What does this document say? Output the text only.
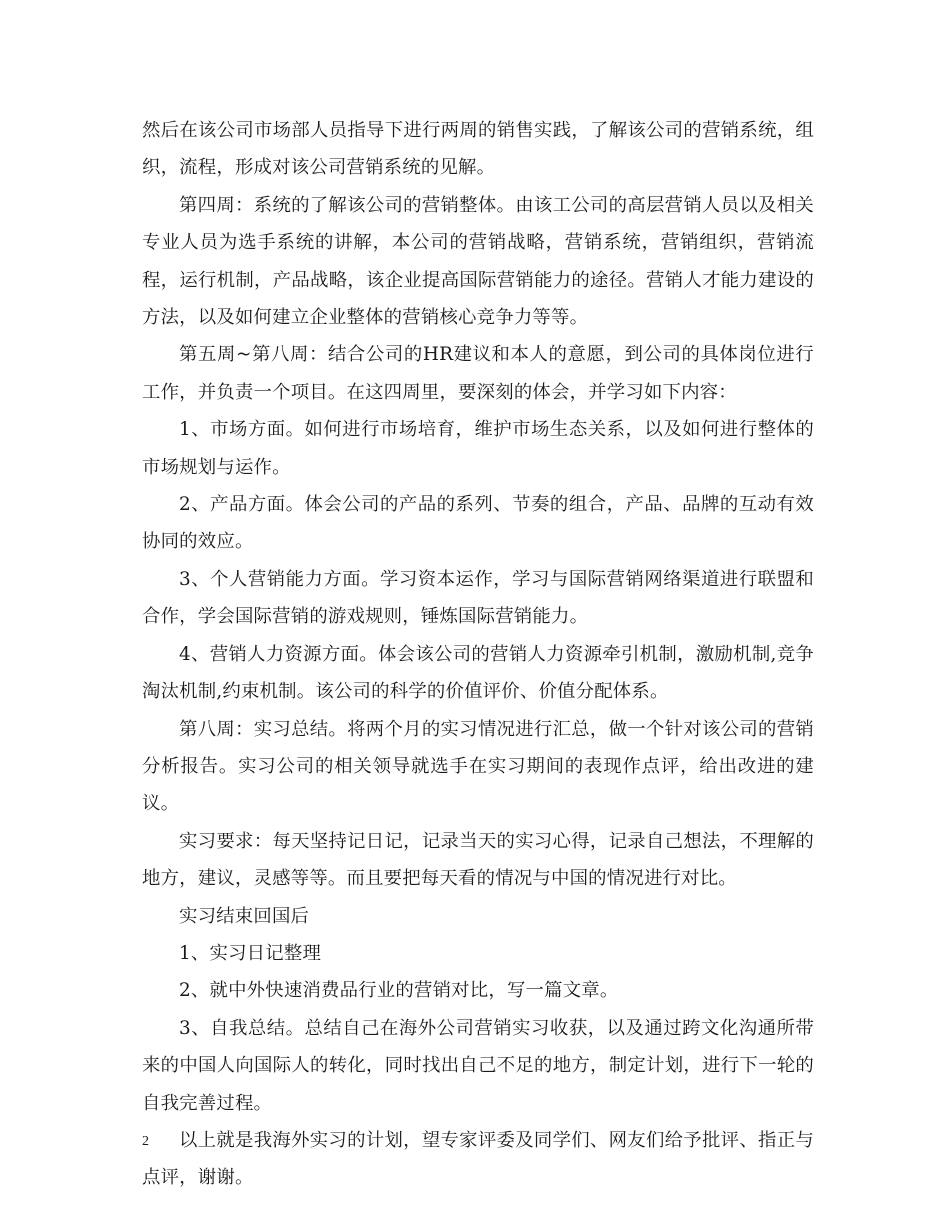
然后在该公司市场部人员指导下进行两周的销售实践，了解该公司的营销系统，组织，流程，形成对该公司营销系统的见解。

第四周：系统的了解该公司的营销整体。由该工公司的高层营销人员以及相关专业人员为选手系统的讲解，本公司的营销战略，营销系统，营销组织，营销流程，运行机制，产品战略，该企业提高国际营销能力的途径。营销人才能力建设的方法，以及如何建立企业整体的营销核心竞争力等等。

第五周~第八周：结合公司的HR建议和本人的意愿，到公司的具体岗位进行工作，并负责一个项目。在这四周里，要深刻的体会，并学习如下内容：

1、市场方面。如何进行市场培育，维护市场生态关系，以及如何进行整体的市场规划与运作。

2、产品方面。体会公司的产品的系列、节奏的组合，产品、品牌的互动有效协同的效应。

3、个人营销能力方面。学习资本运作，学习与国际营销网络渠道进行联盟和合作，学会国际营销的游戏规则，锤炼国际营销能力。

4、营销人力资源方面。体会该公司的营销人力资源牵引机制，激励机制,竞争淘汰机制,约束机制。该公司的科学的价值评价、价值分配体系。

第八周：实习总结。将两个月的实习情况进行汇总，做一个针对该公司的营销分析报告。实习公司的相关领导就选手在实习期间的表现作点评，给出改进的建议。

实习要求：每天坚持记日记，记录当天的实习心得，记录自己想法，不理解的地方，建议，灵感等等。而且要把每天看的情况与中国的情况进行对比。

实习结束回国后

1、实习日记整理

2、就中外快速消费品行业的营销对比，写一篇文章。

3、自我总结。总结自己在海外公司营销实习收获，以及通过跨文化沟通所带来的中国人向国际人的转化，同时找出自己不足的地方，制定计划，进行下一轮的自我完善过程。

以上就是我海外实习的计划，望专家评委及同学们、网友们给予批评、指正与点评，谢谢。

2
